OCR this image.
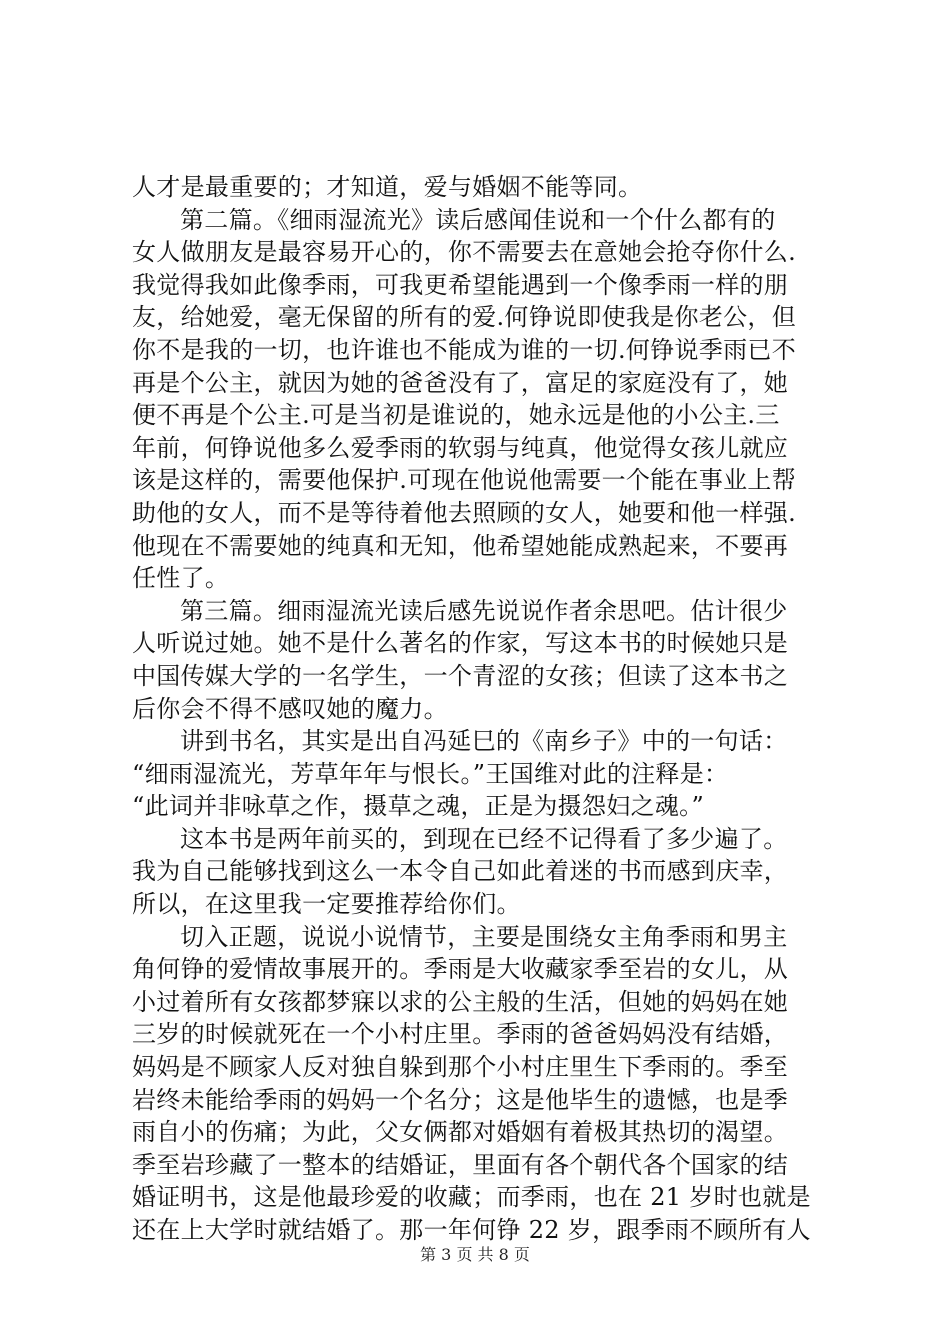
人才是最重要的；才知道，爱与婚姻不能等同。
第二篇。《细雨湿流光》读后感闻佳说和一个什么都有的
女人做朋友是最容易开心的，你不需要去在意她会抢夺你什么.
我觉得我如此像季雨，可我更希望能遇到一个像季雨一样的朋
友，给她爱，毫无保留的所有的爱.何铮说即使我是你老公，但
你不是我的一切，也许谁也不能成为谁的一切.何铮说季雨已不
再是个公主，就因为她的爸爸没有了，富足的家庭没有了，她
便不再是个公主.可是当初是谁说的，她永远是他的小公主.三
年前，何铮说他多么爱季雨的软弱与纯真，他觉得女孩儿就应
该是这样的，需要他保护.可现在他说他需要一个能在事业上帮
助他的女人，而不是等待着他去照顾的女人，她要和他一样强.
他现在不需要她的纯真和无知，他希望她能成熟起来，不要再
任性了。
第三篇。细雨湿流光读后感先说说作者余思吧。估计很少
人听说过她。她不是什么著名的作家，写这本书的时候她只是
中国传媒大学的一名学生，一个青涩的女孩；但读了这本书之
后你会不得不感叹她的魔力。
讲到书名，其实是出自冯延巳的《南乡子》中的一句话：
“细雨湿流光，芳草年年与恨长。”王国维对此的注释是：
“此词并非咏草之作，摄草之魂，正是为摄怨妇之魂。”
这本书是两年前买的，到现在已经不记得看了多少遍了。
我为自己能够找到这么一本令自己如此着迷的书而感到庆幸，
所以，在这里我一定要推荐给你们。
切入正题，说说小说情节，主要是围绕女主角季雨和男主
角何铮的爱情故事展开的。季雨是大收藏家季至岩的女儿，从
小过着所有女孩都梦寐以求的公主般的生活，但她的妈妈在她
三岁的时候就死在一个小村庄里。季雨的爸爸妈妈没有结婚，
妈妈是不顾家人反对独自躲到那个小村庄里生下季雨的。季至
岩终未能给季雨的妈妈一个名分；这是他毕生的遗憾，也是季
雨自小的伤痛；为此，父女俩都对婚姻有着极其热切的渴望。
季至岩珍藏了一整本的结婚证，里面有各个朝代各个国家的结
婚证明书，这是他最珍爱的收藏；而季雨，也在 21 岁时也就是
还在上大学时就结婚了。那一年何铮 22 岁，跟季雨不顾所有人
第 3 页 共 8 页
